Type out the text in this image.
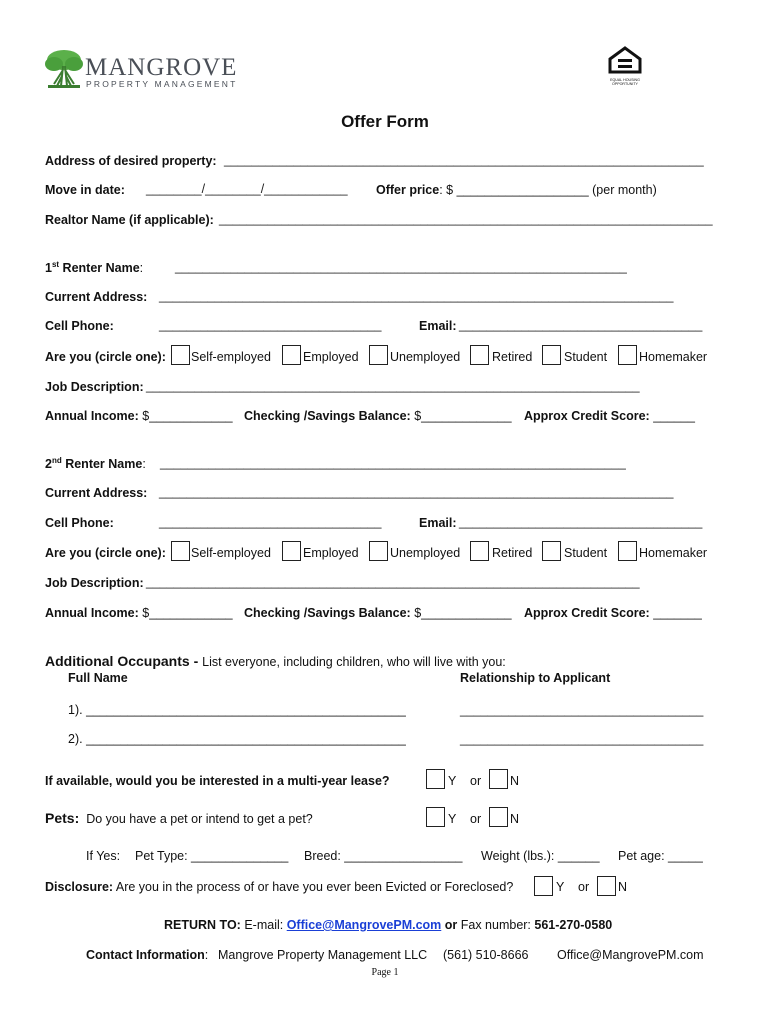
MANGROVE
PROPERTY MANAGEMENT	EQUAL HOUSING OPPORTUNITY
Offer Form
Address of desired property: _____________________________________________________________________
Move in date: ________/________/____________ Offer price: $ ___________________ (per month)
Realtor Name (if applicable): _______________________________________________________________________
1st Renter Name:	_________________________________________________________________
Current Address: __________________________________________________________________________
Cell Phone:	________________________________	Email: ___________________________________
Are you (circle one): Self-employed	Employed	Unemployed	Retired	Student	Homemaker
Job Description: _______________________________________________________________________
Annual Income: $____________ Checking /Savings Balance: $_____________ Approx Credit Score: ______
2nd Renter Name: ___________________________________________________________________
Current Address: __________________________________________________________________________
Cell Phone:	________________________________	Email: ___________________________________
Are you (circle one): Self-employed	Employed	Unemployed	Retired	Student	Homemaker
Job Description: _______________________________________________________________________
Annual Income: $____________ Checking /Savings Balance: $_____________ Approx Credit Score: _______
Additional Occupants - List everyone, including children, who will live with you:
Full Name	Relationship to Applicant
1). ______________________________________________	___________________________________
2). ______________________________________________	___________________________________
If available, would you be interested in a multi-year lease?	Y or N
Pets: Do you have a pet or intend to get a pet?	Y or N
If Yes: Pet Type: ______________ Breed: _________________ Weight (lbs.): ______ Pet age: _____
Disclosure: Are you in the process of or have you ever been Evicted or Foreclosed?	Y or N
RETURN TO: E-mail: Office@MangrovePM.com or Fax number: 561-270-0580
Contact Information: Mangrove Property Management LLC (561) 510-8666 Office@MangrovePM.com
Page 1
